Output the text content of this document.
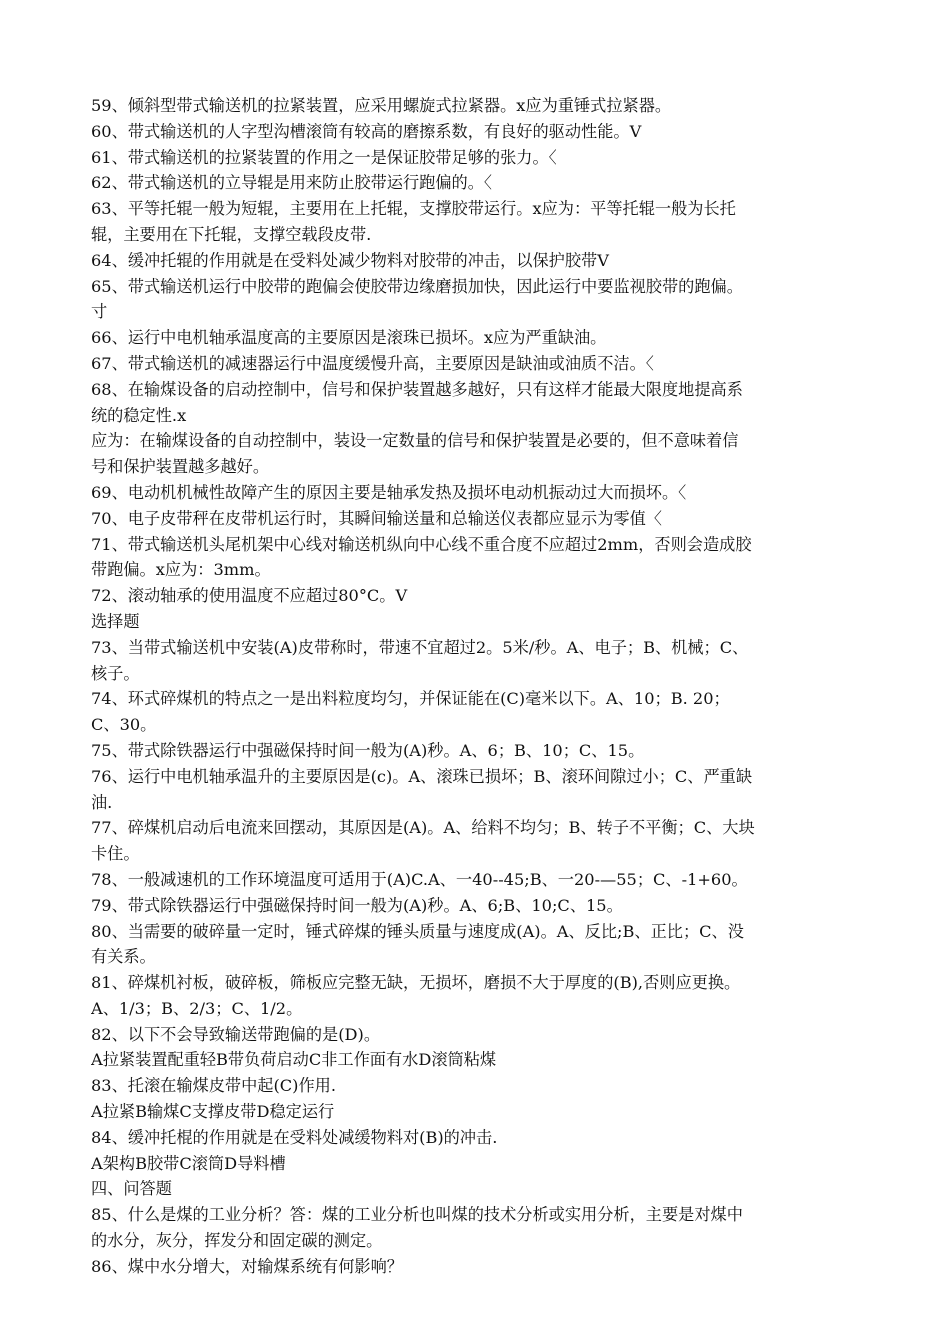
59、倾斜型带式输送机的拉紧装置，应采用螺旋式拉紧器。x应为重锤式拉紧器。
60、带式输送机的人字型沟槽滚筒有较高的磨擦系数，有良好的驱动性能。V
61、带式输送机的拉紧装置的作用之一是保证胶带足够的张力。〈
62、带式输送机的立导辊是用来防止胶带运行跑偏的。〈
63、平等托辊一般为短辊，主要用在上托辊，支撑胶带运行。x应为：平等托辊一般为长托
辊，主要用在下托辊，支撑空载段皮带.
64、缓冲托辊的作用就是在受料处减少物料对胶带的冲击，以保护胶带V
65、带式输送机运行中胶带的跑偏会使胶带边缘磨损加快，因此运行中要监视胶带的跑偏。
寸
66、运行中电机轴承温度高的主要原因是滚珠已损坏。x应为严重缺油。
67、带式输送机的减速器运行中温度缓慢升高，主要原因是缺油或油质不洁。〈
68、在输煤设备的启动控制中，信号和保护装置越多越好，只有这样才能最大限度地提高系
统的稳定性.x
应为：在输煤设备的自动控制中，装设一定数量的信号和保护装置是必要的，但不意味着信
号和保护装置越多越好。
69、电动机机械性故障产生的原因主要是轴承发热及损坏电动机振动过大而损坏。〈
70、电子皮带秤在皮带机运行时，其瞬间输送量和总输送仪表都应显示为零值〈
71、带式输送机头尾机架中心线对输送机纵向中心线不重合度不应超过2mm，否则会造成胶
带跑偏。x应为：3mm。
72、滚动轴承的使用温度不应超过80°C。V
选择题
73、当带式输送机中安装(A)皮带称时，带速不宜超过2。5米/秒。A、电子；B、机械；C、
核子。
74、环式碎煤机的特点之一是出料粒度均匀，并保证能在(C)毫米以下。A、10；B. 20；
C、30。
75、带式除铁器运行中强磁保持时间一般为(A)秒。A、6；B、10；C、15。
76、运行中电机轴承温升的主要原因是(c)。A、滚珠已损坏；B、滚环间隙过小；C、严重缺
油.
77、碎煤机启动后电流来回摆动，其原因是(A)。A、给料不均匀；B、转子不平衡；C、大块
卡住。
78、一般减速机的工作环境温度可适用于(A)C.A、一40--45;B、一20-—55；C、-1+60。
79、带式除铁器运行中强磁保持时间一般为(A)秒。A、6;B、10;C、15。
80、当需要的破碎量一定时，锤式碎煤的锤头质量与速度成(A)。A、反比;B、正比；C、没
有关系。
81、碎煤机衬板，破碎板，筛板应完整无缺，无损坏，磨损不大于厚度的(B),否则应更换。
A、1/3；B、2/3；C、1/2。
82、以下不会导致输送带跑偏的是(D)。
A拉紧装置配重轻B带负荷启动C非工作面有水D滚筒粘煤
83、托滚在输煤皮带中起(C)作用.
A拉紧B输煤C支撑皮带D稳定运行
84、缓冲托棍的作用就是在受料处减缓物料对(B)的冲击.
A架构B胶带C滚筒D导料槽
四、问答题
85、什么是煤的工业分析？答：煤的工业分析也叫煤的技术分析或实用分析，主要是对煤中
的水分，灰分，挥发分和固定碳的测定。
86、煤中水分增大，对输煤系统有何影响？
